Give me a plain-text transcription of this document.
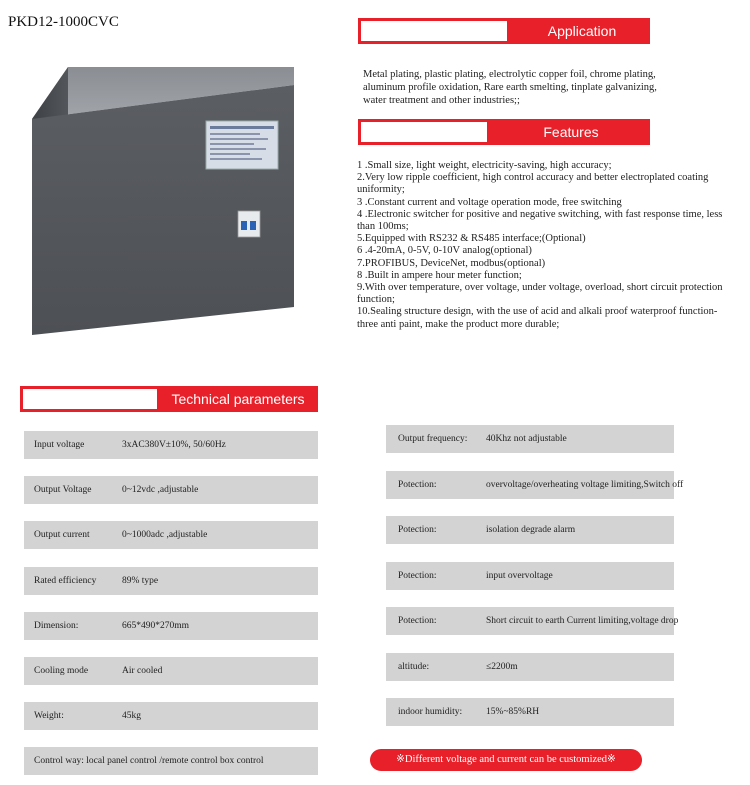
PKD12-1000CVC
Application
Metal plating, plastic plating, electrolytic copper foil, chrome plating, aluminum profile oxidation, Rare earth smelting, tinplate galvanizing, water treatment and other industries;;
Features
1 .Small size, light weight, electricity-saving, high accuracy;
2.Very low ripple coefficient, high control accuracy and better electroplated coating uniformity;
3 .Constant current and voltage operation mode, free switching
4 .Electronic switcher for positive and negative switching, with fast response time, less than 100ms;
5.Equipped with RS232 & RS485 interface;(Optional)
6 .4-20mA, 0-5V, 0-10V analog(optional)
7.PROFIBUS, DeviceNet, modbus(optional)
8 .Built in ampere hour meter function;
9.With over temperature, over voltage, under voltage, overload, short circuit protection function;
10.Sealing structure design, with the use of acid and alkali proof waterproof function- three anti paint, make the product more durable;
Technical parameters
Input voltage	3xAC380V±10%, 50/60Hz
Output Voltage	0~12vdc ,adjustable
Output current	0~1000adc ,adjustable
Rated efficiency	89% type
Dimension:	665*490*270mm
Cooling mode	Air cooled
Weight:	45kg
Control way: local panel control /remote control box control
Output frequency: 40Khz not adjustable
Potection:	overvoltage/overheating voltage limiting,Switch off
Potection:	isolation degrade alarm
Potection:	input overvoltage
Potection:	Short circuit to earth Current limiting,voltage drop
altitude:	≤2200m
indoor humidity:	15%~85%RH
※Different voltage and current can be customized※
